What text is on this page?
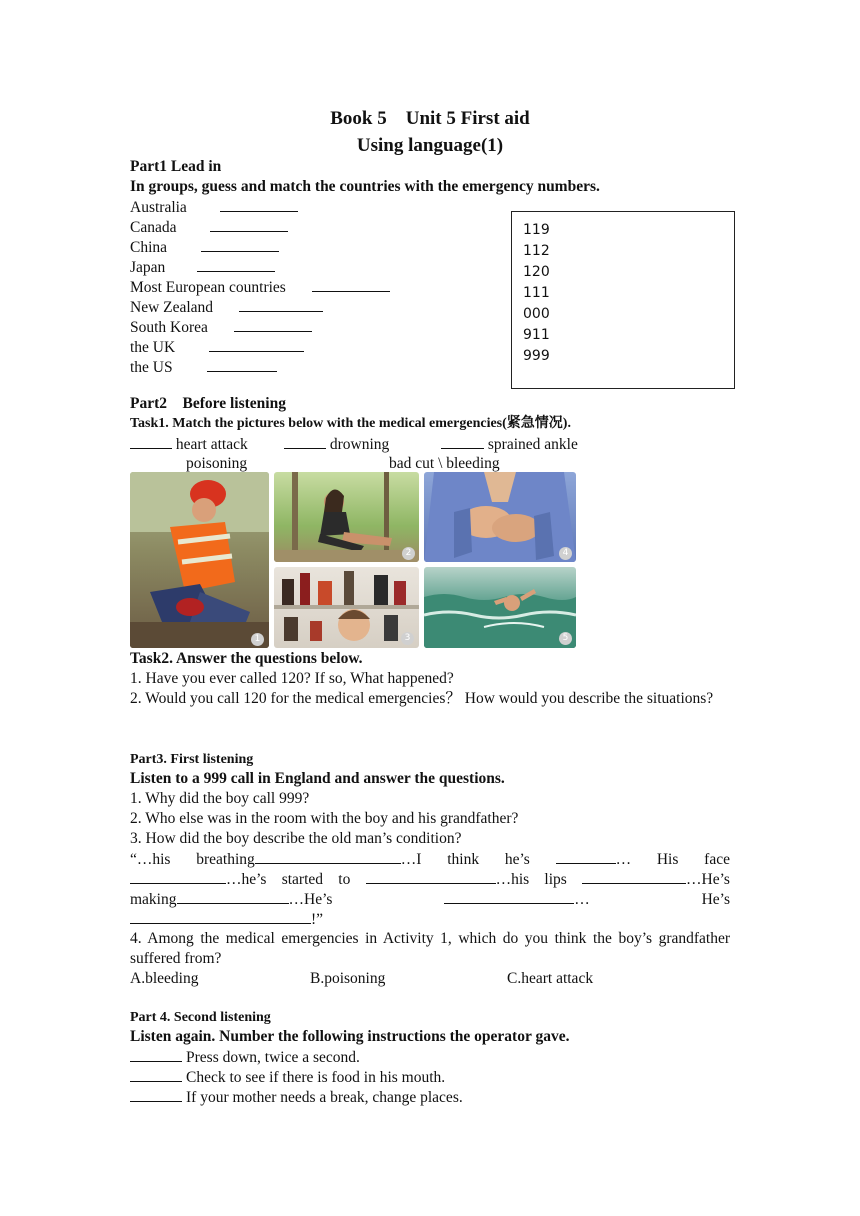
Book 5　Unit 5 First aid
Using language(1)
Part1 Lead in
In groups, guess and match the countries with the emergency numbers.
Australia
Canada
China
Japan
Most European countries
New Zealand
South Korea
the UK
the US
119
112
120
111
000
911
999
Part2　Before listening
Task1. Match the pictures below with the medical emergencies(紧急情况).
heart attack	drowning	sprained ankle
poisoning	bad cut \ bleeding
1
2	4
3	5
Task2. Answer the questions below.
1. Have you ever called 120? If so, What happened?
2. Would you call 120 for the medical emergencies？ How would you describe the situations?
Part3. First listening
Listen to a 999 call in England and answer the questions.
1. Why did the boy call 999?
2. Who else was in the room with the boy and his grandfather?
3. How did the boy describe the old man’s condition?
“…his breathing	…I think he’s	… His face
…he’s started to	…his lips	…He’s
making	…He’s	…	He’s
!”
4. Among the medical emergencies in Activity 1, which do you think the boy’s grandfather suffered from?
A.bleeding	B.poisoning	C.heart attack
Part 4. Second listening
Listen again. Number the following instructions the operator gave.
Press down, twice a second.
Check to see if there is food in his mouth.
If your mother needs a break, change places.
